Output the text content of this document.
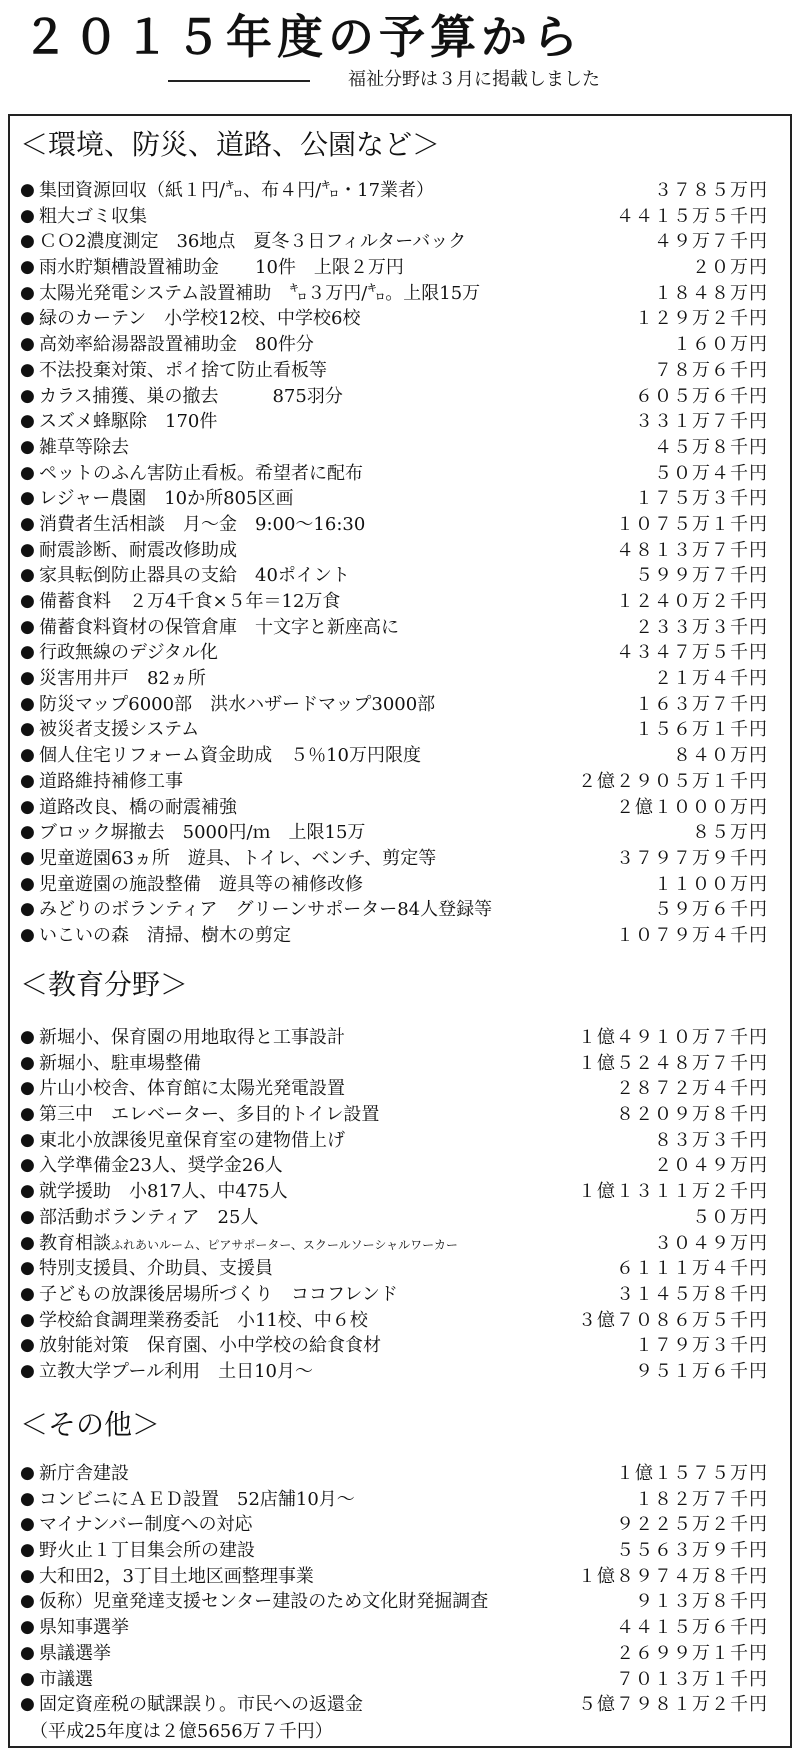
２０１５年度の予算から
福祉分野は３月に掲載しました
＜環境、防災、道路、公園など＞
● 集団資源回収（紙１円/㌔、布４円/㌔・17業者）	３７８５万円
● 粗大ゴミ収集	４４１５万５千円
● ＣＯ2濃度測定　36地点　夏冬３日フィルターバック	４９万７千円
● 雨水貯類槽設置補助金　　10件　上限２万円	２０万円
● 太陽光発電システム設置補助　㌔３万円/㌔。上限15万	１８４８万円
● 緑のカーテン　小学校12校、中学校6校	１２９万２千円
● 高効率給湯器設置補助金　80件分	１６０万円
● 不法投棄対策、ポイ捨て防止看板等	７８万６千円
● カラス捕獲、巣の撤去　　　875羽分	６０５万６千円
● スズメ蜂駆除　170件	３３１万７千円
● 雑草等除去	４５万８千円
● ペットのふん害防止看板。希望者に配布	５０万４千円
● レジャー農園　10か所805区画	１７５万３千円
● 消費者生活相談　月～金　9:00～16:30	１０７５万１千円
● 耐震診断、耐震改修助成	４８１３万７千円
● 家具転倒防止器具の支給　40ポイント	５９９万７千円
● 備蓄食料　２万4千食×５年＝12万食	１２４０万２千円
● 備蓄食料資材の保管倉庫　十文字と新座高に	２３３万３千円
● 行政無線のデジタル化	４３４７万５千円
● 災害用井戸　82ヵ所	２１万４千円
● 防災マップ6000部　洪水ハザードマップ3000部	１６３万７千円
● 被災者支援システム	１５６万１千円
● 個人住宅リフォーム資金助成　５％10万円限度	８４０万円
● 道路維持補修工事	２億２９０５万１千円
● 道路改良、橋の耐震補強	２億１０００万円
● ブロック塀撤去　5000円/ｍ　上限15万	８５万円
● 児童遊園63ヵ所　遊具、トイレ、ベンチ、剪定等	３７９７万９千円
● 児童遊園の施設整備　遊具等の補修改修	１１００万円
● みどりのボランティア　グリーンサポーター84人登録等	５９万６千円
● いこいの森　清掃、樹木の剪定	１０７９万４千円
＜教育分野＞
● 新堀小、保育園の用地取得と工事設計	１億４９１０万７千円
● 新堀小、駐車場整備	１億５２４８万７千円
● 片山小校舎、体育館に太陽光発電設置	２８７２万４千円
● 第三中　エレベーター、多目的トイレ設置	８２０９万８千円
● 東北小放課後児童保育室の建物借上げ	８３万３千円
● 入学準備金23人、奨学金26人	２０４９万円
● 就学援助　小817人、中475人	１億１３１１万２千円
● 部活動ボランティア　25人	５０万円
● 教育相談ふれあいルーム、ピアサポーター、スクールソーシャルワーカー	３０４９万円
● 特別支援員、介助員、支援員	６１１１万４千円
● 子どもの放課後居場所づくり　ココフレンド	３１４５万８千円
● 学校給食調理業務委託　小11校、中６校	３億７０８６万５千円
● 放射能対策　保育園、小中学校の給食食材	１７９万３千円
● 立教大学プール利用　土日10月～	９５１万６千円
＜その他＞
● 新庁舎建設	１億１５７５万円
● コンビニにＡＥＤ設置　52店舗10月～	１８２万７千円
● マイナンバー制度への対応	９２２５万２千円
● 野火止１丁目集会所の建設	５５６３万９千円
● 大和田2，3丁目土地区画整理事業	１億８９７４万８千円
● 仮称）児童発達支援センター建設のため文化財発掘調査	９１３万８千円
● 県知事選挙	４４１５万６千円
● 県議選挙	２６９９万１千円
● 市議選	７０１３万１千円
● 固定資産税の賦課誤り。市民への返還金	５億７９８１万２千円
（平成25年度は２億5656万７千円）
